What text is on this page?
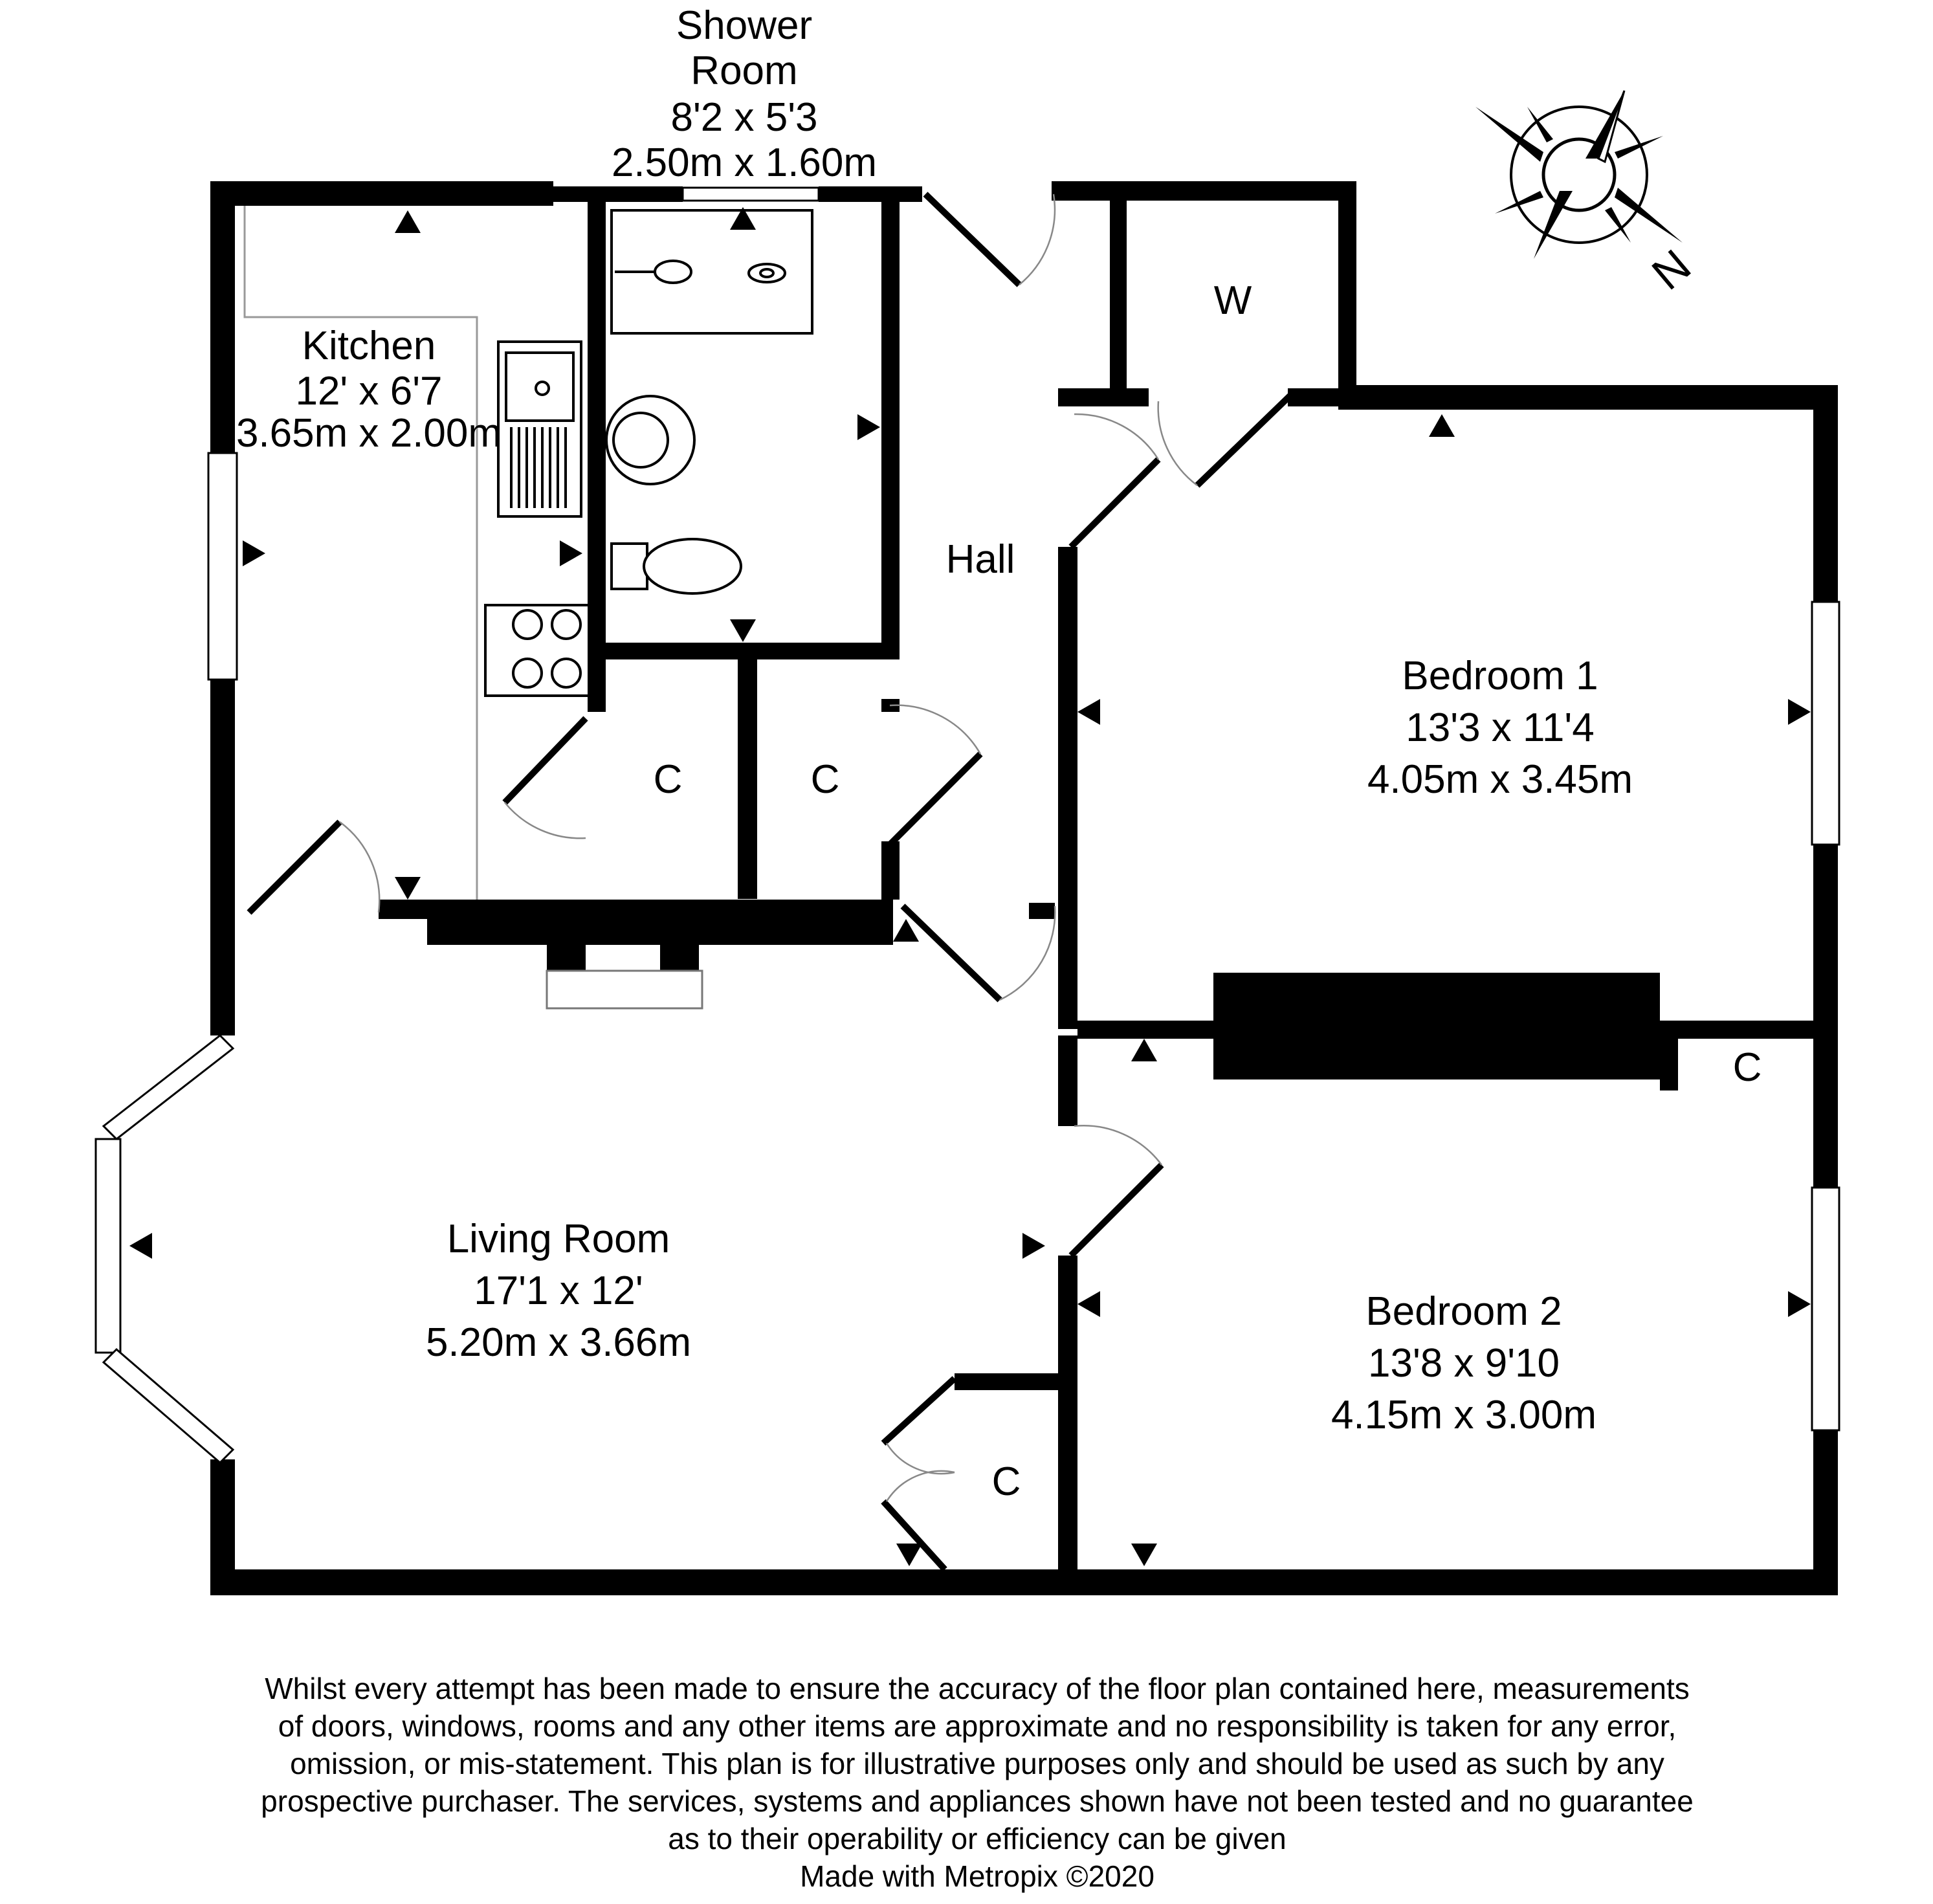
Shower
Room
8'2 x 5'3
2.50m x 1.60m
Kitchen
12' x 6'7
3.65m x 2.00m
Hall
W
C	C
C
C
Bedroom 1
13'3 x 11'4
4.05m x 3.45m
Bedroom 2
13'8 x 9'10
4.15m x 3.00m
Living Room
17'1 x 12'
5.20m x 3.66m
N
Whilst every attempt has been made to ensure the accuracy of the floor plan contained here, measurements
of doors, windows, rooms and any other items are approximate and no responsibility is taken for any error,
omission, or mis-statement. This plan is for illustrative purposes only and should be used as such by any
prospective purchaser. The services, systems and appliances shown have not been tested and no guarantee
as to their operability or efficiency can be given
Made with Metropix ©2020
